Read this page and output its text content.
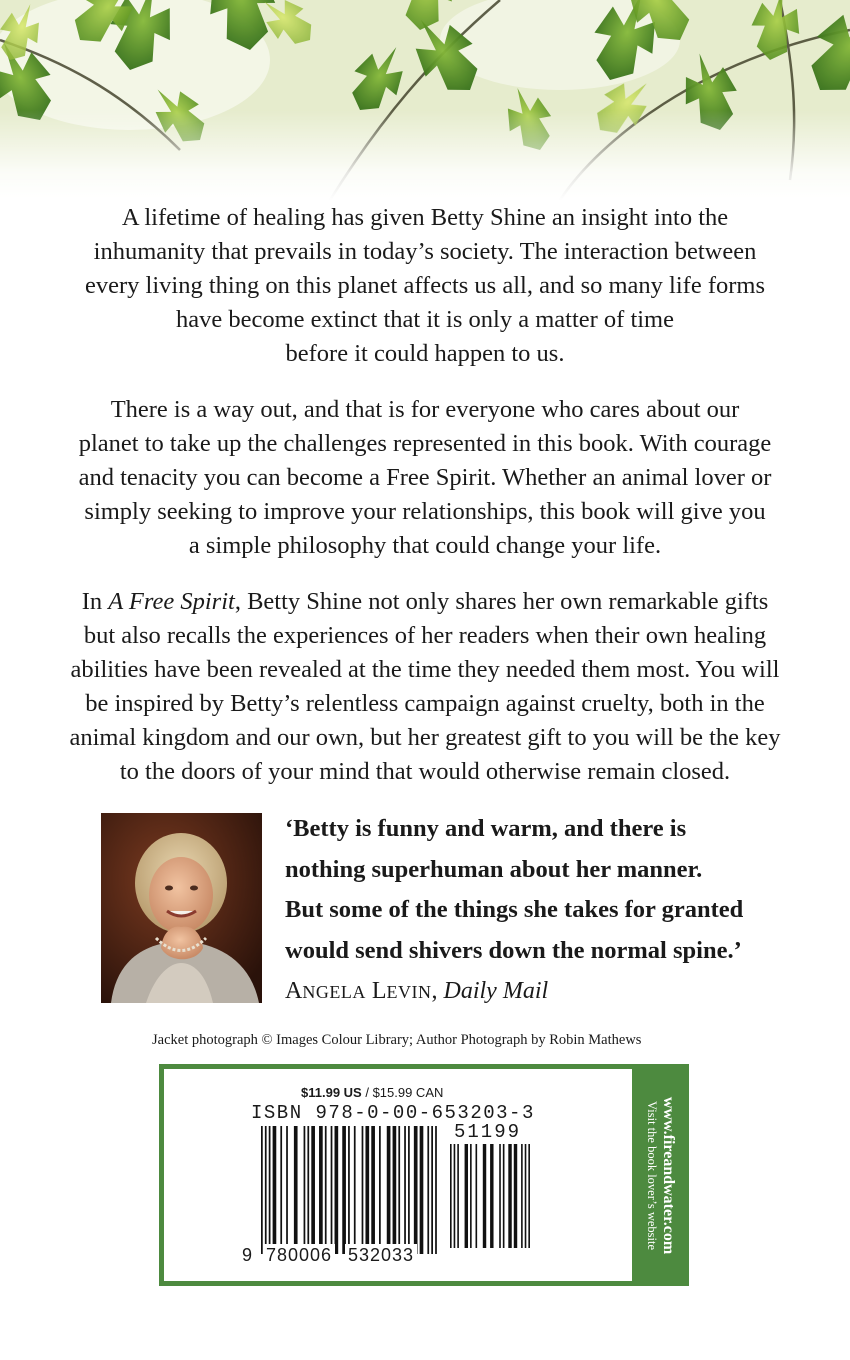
A lifetime of healing has given Betty Shine an insight into the
inhumanity that prevails in today’s society. The interaction between
every living thing on this planet affects us all, and so many life forms
have become extinct that it is only a matter of time
before it could happen to us.

There is a way out, and that is for everyone who cares about our
planet to take up the challenges represented in this book. With courage
and tenacity you can become a Free Spirit. Whether an animal lover or
simply seeking to improve your relationships, this book will give you
a simple philosophy that could change your life.

In A Free Spirit, Betty Shine not only shares her own remarkable gifts
but also recalls the experiences of her readers when their own healing
abilities have been revealed at the time they needed them most. You will
be inspired by Betty’s relentless campaign against cruelty, both in the
animal kingdom and our own, but her greatest gift to you will be the key
to the doors of your mind that would otherwise remain closed.

‘Betty is funny and warm, and there is
nothing superhuman about her manner.
But some of the things she takes for granted
would send shivers down the normal spine.’

ANGELA LEVIN, Daily Mail

Jacket photograph © Images Colour Library; Author Photograph by Robin Mathews

$11.99 US / $15.99 CAN

ISBN 978-0-00-653203-3

51199

9 780006 532033

www.fireandwater.com
Visit the book lover’s website
